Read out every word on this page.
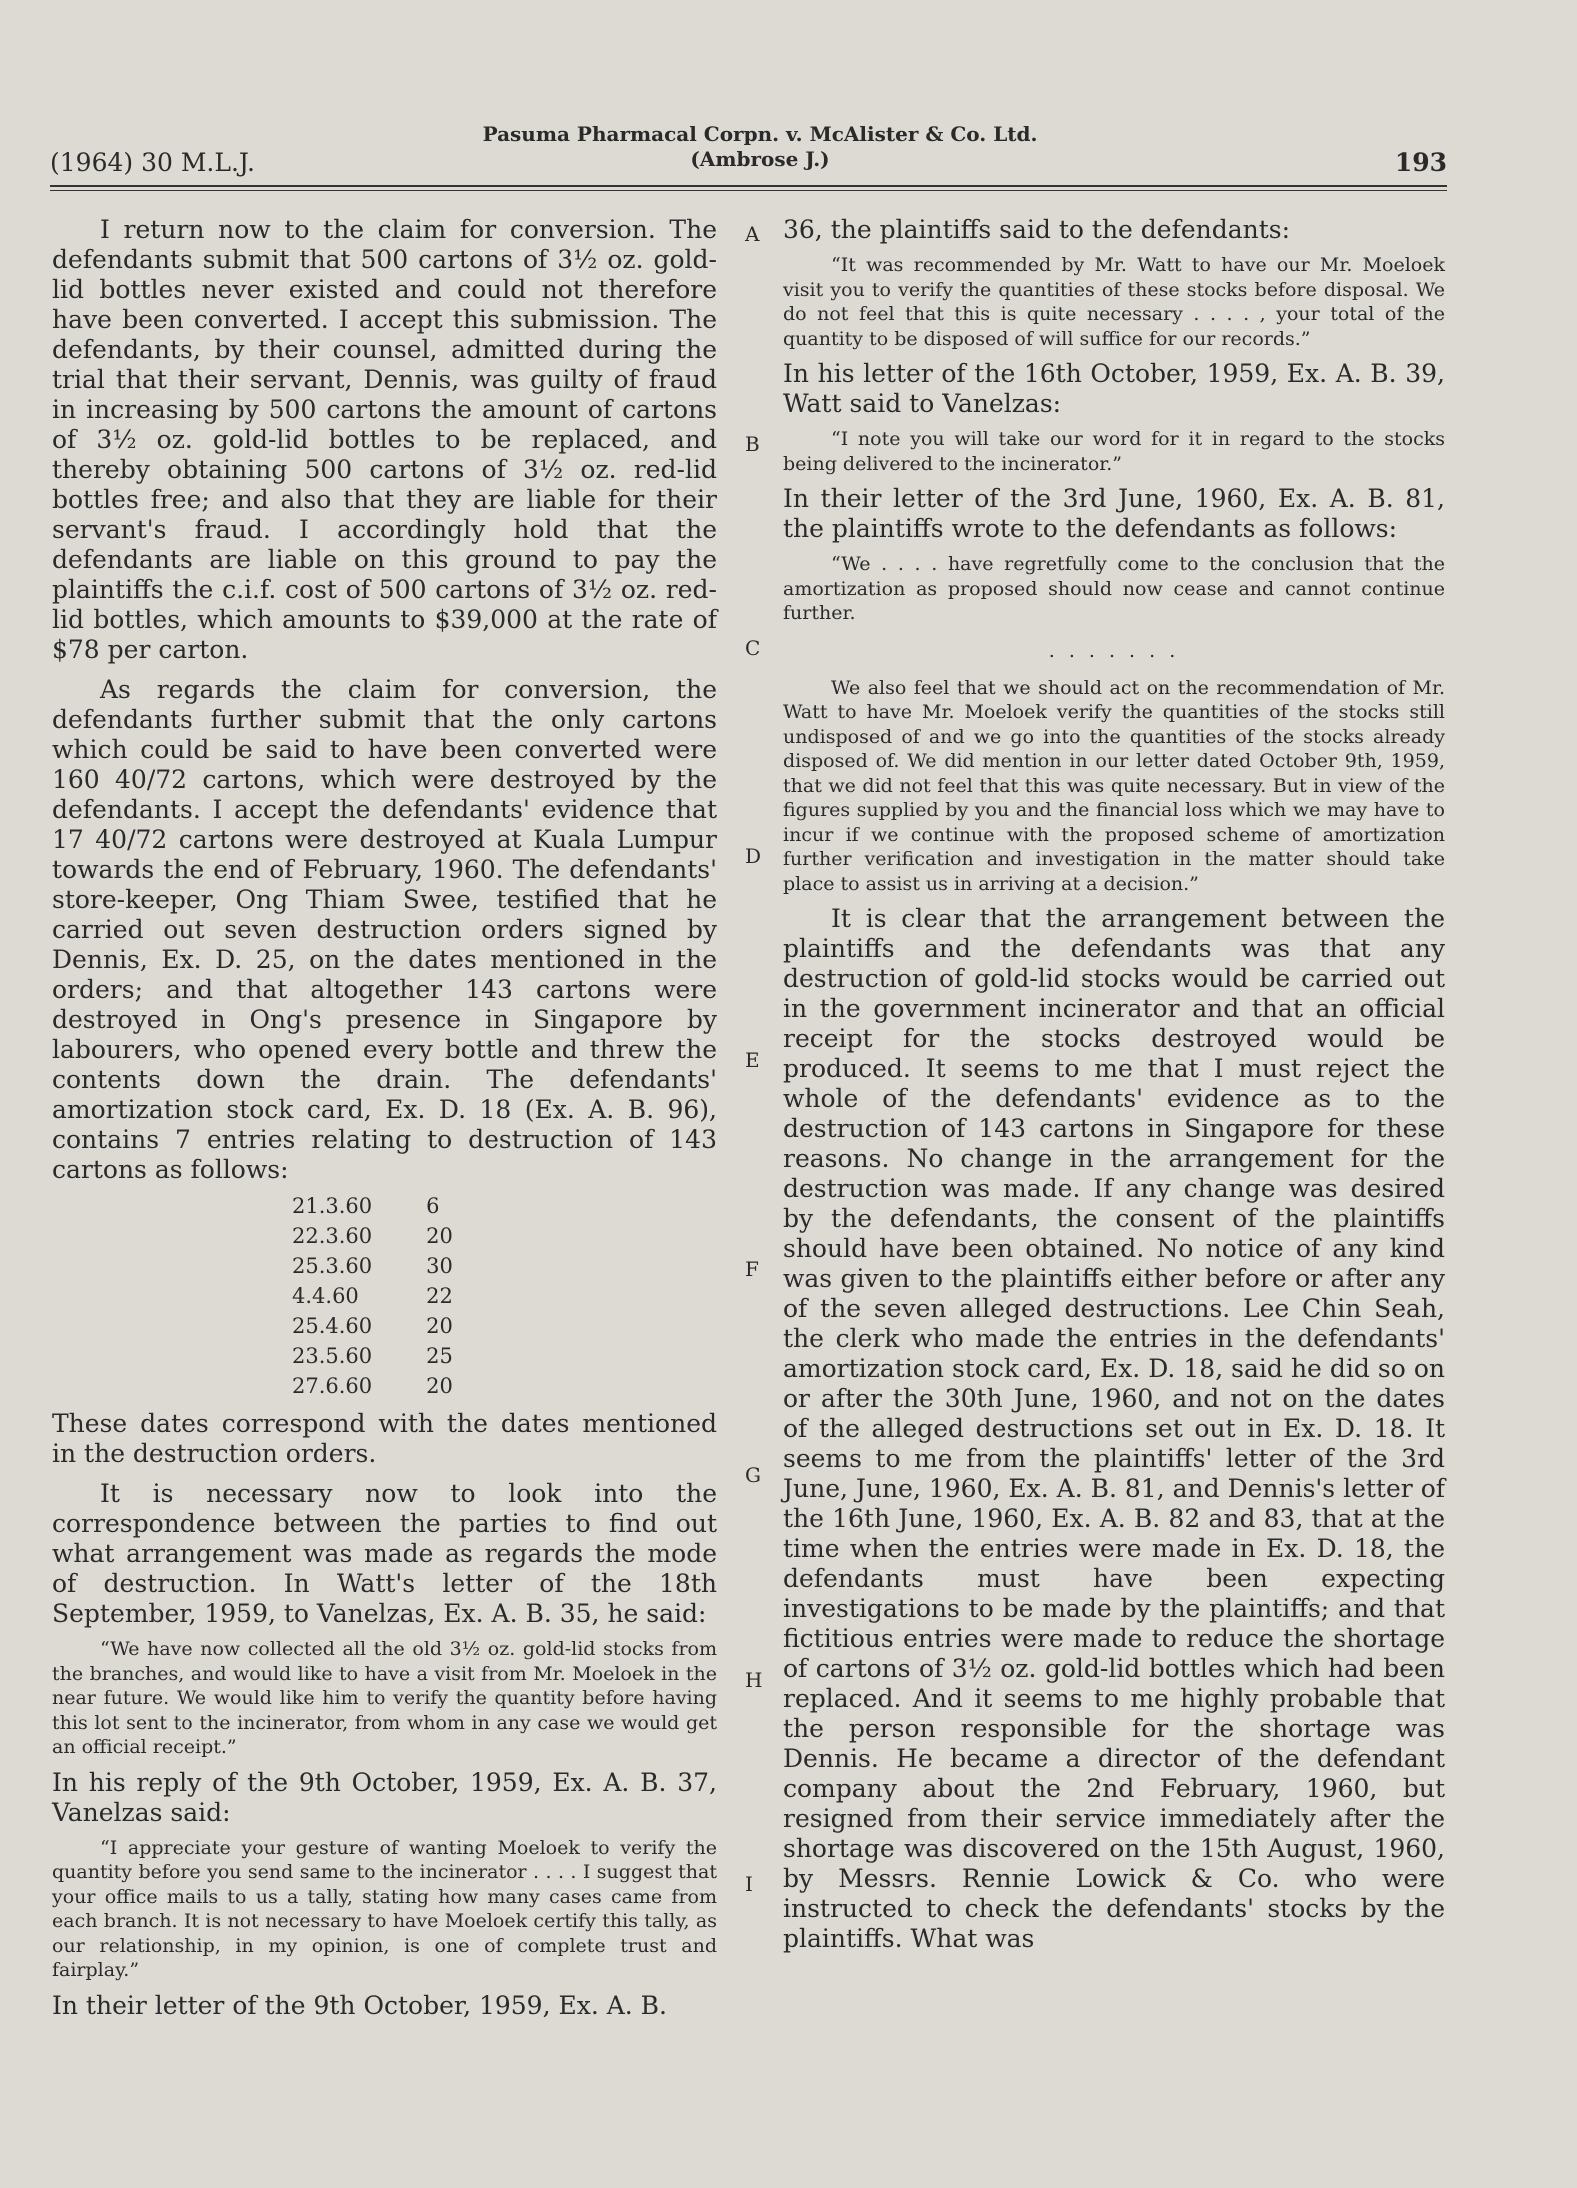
(1964) 30 M.L.J.
Pasuma Pharmacal Corpn. v. McAlister & Co. Ltd.
(Ambrose J.)	193
A
B
C
D
E
F
G
H
I

I return now to the claim for conversion. The defendants submit that 500 cartons of 3½ oz. gold-lid bottles never existed and could not therefore have been converted. I accept this submission. The defendants, by their counsel, admitted during the trial that their servant, Dennis, was guilty of fraud in increasing by 500 cartons the amount of cartons of 3½ oz. gold-lid bottles to be replaced, and thereby obtaining 500 cartons of 3½ oz. red-lid bottles free; and also that they are liable for their servant's fraud. I accordingly hold that the defendants are liable on this ground to pay the plaintiffs the c.i.f. cost of 500 cartons of 3½ oz. red-lid bottles, which amounts to $39,000 at the rate of $78 per carton.

As regards the claim for conversion, the defendants further submit that the only cartons which could be said to have been converted were 160 40/72 cartons, which were destroyed by the defendants. I accept the defendants' evidence that 17 40/72 cartons were destroyed at Kuala Lumpur towards the end of February, 1960. The defendants' store-keeper, Ong Thiam Swee, testified that he carried out seven destruction orders signed by Dennis, Ex. D. 25, on the dates mentioned in the orders; and that altogether 143 cartons were destroyed in Ong's presence in Singapore by labourers, who opened every bottle and threw the contents down the drain. The defendants' amortization stock card, Ex. D. 18 (Ex. A. B. 96), contains 7 entries relating to destruction of 143 cartons as follows:

21.3.60	6
22.3.60	20
25.3.60	30
4.4.60	22
25.4.60	20
23.5.60	25
27.6.60	20

These dates correspond with the dates mentioned in the destruction orders.

It is necessary now to look into the correspondence between the parties to find out what arrangement was made as regards the mode of destruction. In Watt's letter of the 18th September, 1959, to Vanelzas, Ex. A. B. 35, he said:

“We have now collected all the old 3½ oz. gold-lid stocks from the branches, and would like to have a visit from Mr. Moeloek in the near future. We would like him to verify the quantity before having this lot sent to the incinerator, from whom in any case we would get an official receipt.”

In his reply of the 9th October, 1959, Ex. A. B. 37, Vanelzas said:

“I appreciate your gesture of wanting Moeloek to verify the quantity before you send same to the incinerator . . . . I suggest that your office mails to us a tally, stating how many cases came from each branch. It is not necessary to have Moeloek certify this tally, as our relationship, in my opinion, is one of complete trust and fairplay.”

In their letter of the 9th October, 1959, Ex. A. B.

36, the plaintiffs said to the defendants:

“It was recommended by Mr. Watt to have our Mr. Moeloek visit you to verify the quantities of these stocks before disposal. We do not feel that this is quite necessary . . . . , your total of the quantity to be disposed of will suffice for our records.”

In his letter of the 16th October, 1959, Ex. A. B. 39, Watt said to Vanelzas:

“I note you will take our word for it in regard to the stocks being delivered to the incinerator.”

In their letter of the 3rd June, 1960, Ex. A. B. 81, the plaintiffs wrote to the defendants as follows:

“We . . . . have regretfully come to the conclusion that the amortization as proposed should now cease and cannot continue further.
. . . . . . .
We also feel that we should act on the recommendation of Mr. Watt to have Mr. Moeloek verify the quantities of the stocks still undisposed of and we go into the quantities of the stocks already disposed of. We did mention in our letter dated October 9th, 1959, that we did not feel that this was quite necessary. But in view of the figures supplied by you and the financial loss which we may have to incur if we continue with the proposed scheme of amortization further verification and investigation in the matter should take place to assist us in arriving at a decision.”

It is clear that the arrangement between the plaintiffs and the defendants was that any destruction of gold-lid stocks would be carried out in the government incinerator and that an official receipt for the stocks destroyed would be produced. It seems to me that I must reject the whole of the defendants' evidence as to the destruction of 143 cartons in Singapore for these reasons. No change in the arrangement for the destruction was made. If any change was desired by the defendants, the consent of the plaintiffs should have been obtained. No notice of any kind was given to the plaintiffs either before or after any of the seven alleged destructions. Lee Chin Seah, the clerk who made the entries in the defendants' amortization stock card, Ex. D. 18, said he did so on or after the 30th June, 1960, and not on the dates of the alleged destructions set out in Ex. D. 18. It seems to me from the plaintiffs' letter of the 3rd June, June, 1960, Ex. A. B. 81, and Dennis's letter of the 16th June, 1960, Ex. A. B. 82 and 83, that at the time when the entries were made in Ex. D. 18, the defendants must have been expecting investigations to be made by the plaintiffs; and that fictitious entries were made to reduce the shortage of cartons of 3½ oz. gold-lid bottles which had been replaced. And it seems to me highly probable that the person responsible for the shortage was Dennis. He became a director of the defendant company about the 2nd February, 1960, but resigned from their service immediately after the shortage was discovered on the 15th August, 1960, by Messrs. Rennie Lowick & Co. who were instructed to check the defendants' stocks by the plaintiffs. What was
